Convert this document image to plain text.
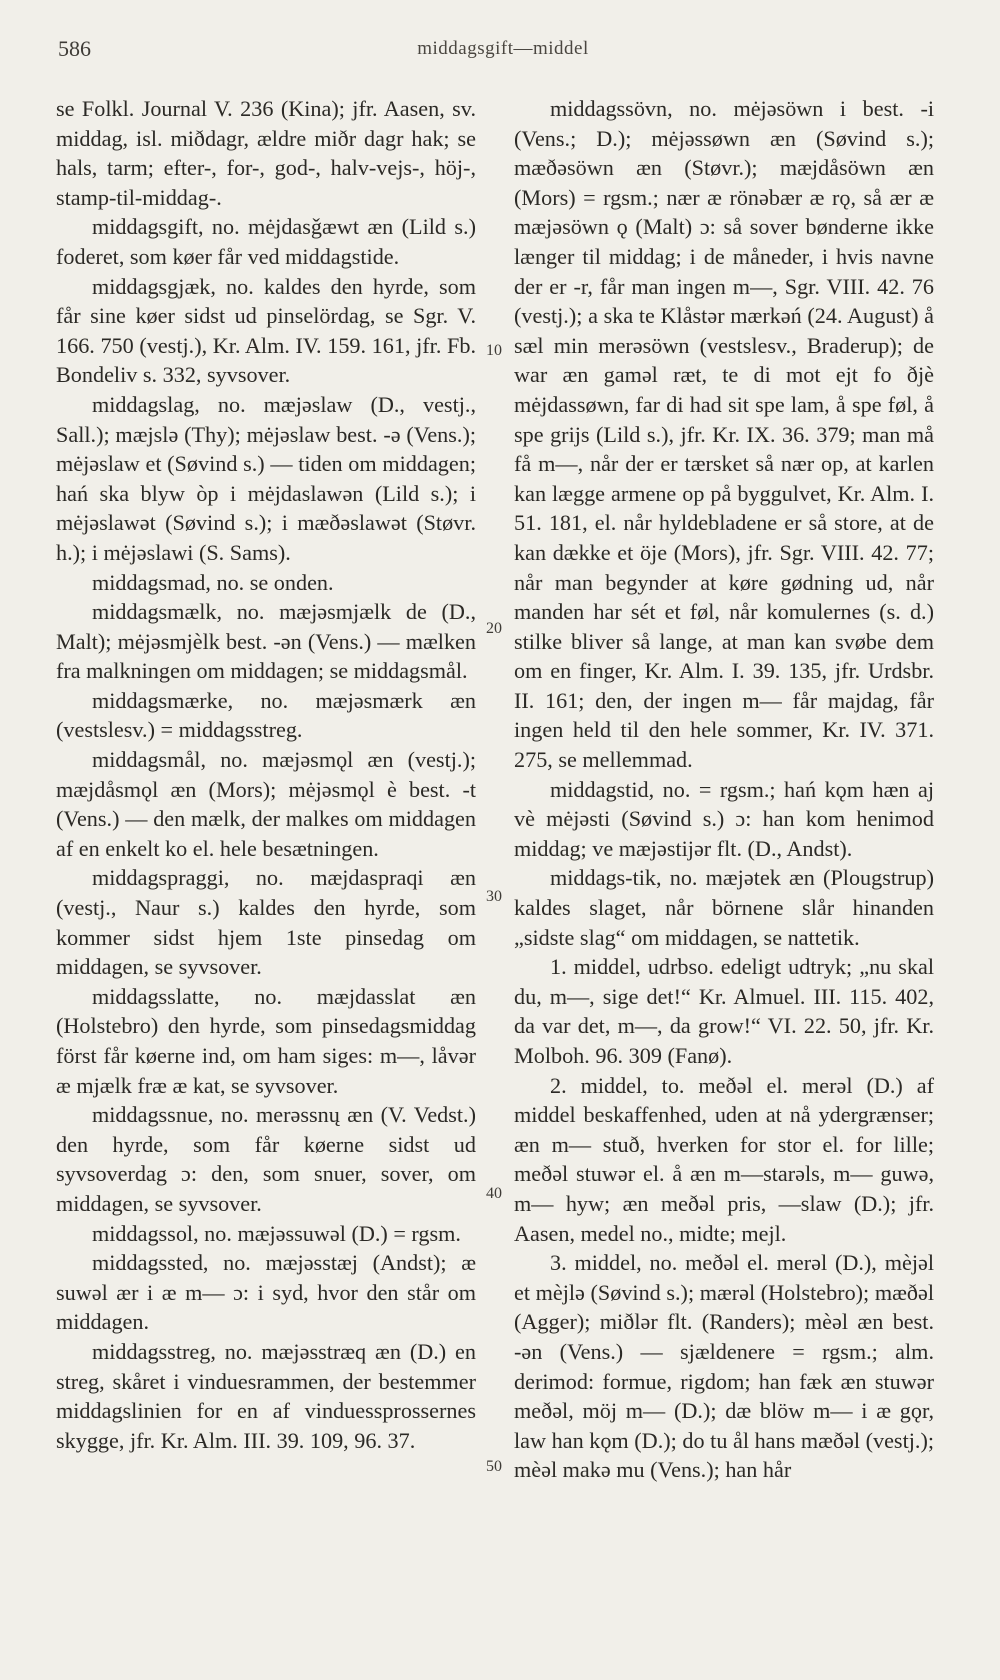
586	middagsgift—middel

se Folkl. Journal V. 236 (Kina); jfr. Aasen, sv. middag, isl. miðdagr, ældre miðr dagr hak; se hals, tarm; efter-, for-, god-, halv-vejs-, höj-, stamp-til-middag-.

middagsgift, no. mėjdasǧæwt æn (Lild s.) foderet, som køer får ved middagstide.

middagsgjæk, no. kaldes den hyrde, som får sine køer sidst ud pinselördag, se Sgr. V. 166. 750 (vestj.), Kr. Alm. IV. 159. 161, jfr. Fb. Bondeliv s. 332, syvsover.

middagslag, no. mæjəslaw (D., vestj., Sall.); mæjslə (Thy); mėjəslaw best. -ə (Vens.); mėjəslaw et (Søvind s.) — tiden om middagen; hań ska blyw òp i mėjdaslawən (Lild s.); i mėjəslawət (Søvind s.); i mæðəslawət (Støvr. h.); i mėjəslawi (S. Sams).

middagsmad, no. se onden.

middagsmælk, no. mæjəsmjælk de (D., Malt); mėjəsmjèlk best. -ən (Vens.) — mælken fra malkningen om middagen; se middagsmål.

middagsmærke, no. mæjəsmærk æn (vestslesv.) = middagsstreg.

middagsmål, no. mæjəsmǫl æn (vestj.); mæjdåsmǫl æn (Mors); mėjəsmǫl è best. -t (Vens.) — den mælk, der malkes om middagen af en enkelt ko el. hele besætningen.

middagspraggi, no. mæjdaspraqi æn (vestj., Naur s.) kaldes den hyrde, som kommer sidst hjem 1ste pinsedag om middagen, se syvsover.

middagsslatte, no. mæjdasslat æn (Holstebro) den hyrde, som pinsedagsmiddag först får køerne ind, om ham siges: m—, låvər æ mjælk fræ æ kat, se syvsover.

middagssnue, no. merəssnų æn (V. Vedst.) den hyrde, som får køerne sidst ud syvsoverdag ɔ: den, som snuer, sover, om middagen, se syvsover.

middagssol, no. mæjəssuwəl (D.) = rgsm.

middagssted, no. mæjəsstæj (Andst); æ suwəl ær i æ m— ɔ: i syd, hvor den står om middagen.

middagsstreg, no. mæjəsstræq æn (D.) en streg, skåret i vinduesrammen, der bestemmer middagslinien for en af vinduessprossernes skygge, jfr. Kr. Alm. III. 39. 109, 96. 37.

10
20
30
40
50

middagssövn, no. mėjəsöwn i best. -i (Vens.; D.); mėjəssøwn æn (Søvind s.); mæðəsöwn æn (Støvr.); mæjdåsöwn æn (Mors) = rgsm.; nær æ rönəbær æ rǫ, så ær æ mæjəsöwn ǫ (Malt) ɔ: så sover bønderne ikke længer til middag; i de måneder, i hvis navne der er -r, får man ingen m—, Sgr. VIII. 42. 76 (vestj.); a ska te Klåstər mærkəń (24. August) å sæl min merəsöwn (vestslesv., Braderup); de war æn gamǝl ræt, te di mot ejt fo ðjè mėjdassøwn, far di had sit spe lam, å spe føl, å spe grijs (Lild s.), jfr. Kr. IX. 36. 379; man må få m—, når der er tærsket så nær op, at karlen kan lægge armene op på byggulvet, Kr. Alm. I. 51. 181, el. når hyldebladene er så store, at de kan dække et öje (Mors), jfr. Sgr. VIII. 42. 77; når man begynder at køre gødning ud, når manden har sét et føl, når komulernes (s. d.) stilke bliver så lange, at man kan svøbe dem om en finger, Kr. Alm. I. 39. 135, jfr. Urdsbr. II. 161; den, der ingen m— får majdag, får ingen held til den hele sommer, Kr. IV. 371. 275, se mellemmad.

middagstid, no. = rgsm.; hań kǫm hæn aj vè mėjəsti (Søvind s.) ɔ: han kom henimod middag; ve mæjəstijər flt. (D., Andst).

middags-tik, no. mæjətek æn (Plougstrup) kaldes slaget, når börnene slår hinanden „sidste slag“ om middagen, se nattetik.

1. middel, udrbso. edeligt udtryk; „nu skal du, m—, sige det!“ Kr. Almuel. III. 115. 402, da var det, m—, da grow!“ VI. 22. 50, jfr. Kr. Molboh. 96. 309 (Fanø).

2. middel, to. meðəl el. merəl (D.) af middel beskaffenhed, uden at nå ydergrænser; æn m— stuð, hverken for stor el. for lille; meðəl stuwər el. å æn m—starəls, m— guwə, m— hyw; æn meðəl pris, —slaw (D.); jfr. Aasen, medel no., midte; mejl.

3. middel, no. meðəl el. merəl (D.), mèjəl et mèjlə (Søvind s.); mærəl (Holstebro); mæðəl (Agger); miðlər flt. (Randers); mèəl æn best. -ən (Vens.) — sjældenere = rgsm.; alm. derimod: formue, rigdom; han fæk æn stuwər meðəl, möj m— (D.); dæ blöw m— i æ gǫr, law han kǫm (D.); do tu ål hans mæðəl (vestj.); mèəl makə mu (Vens.); han hår
